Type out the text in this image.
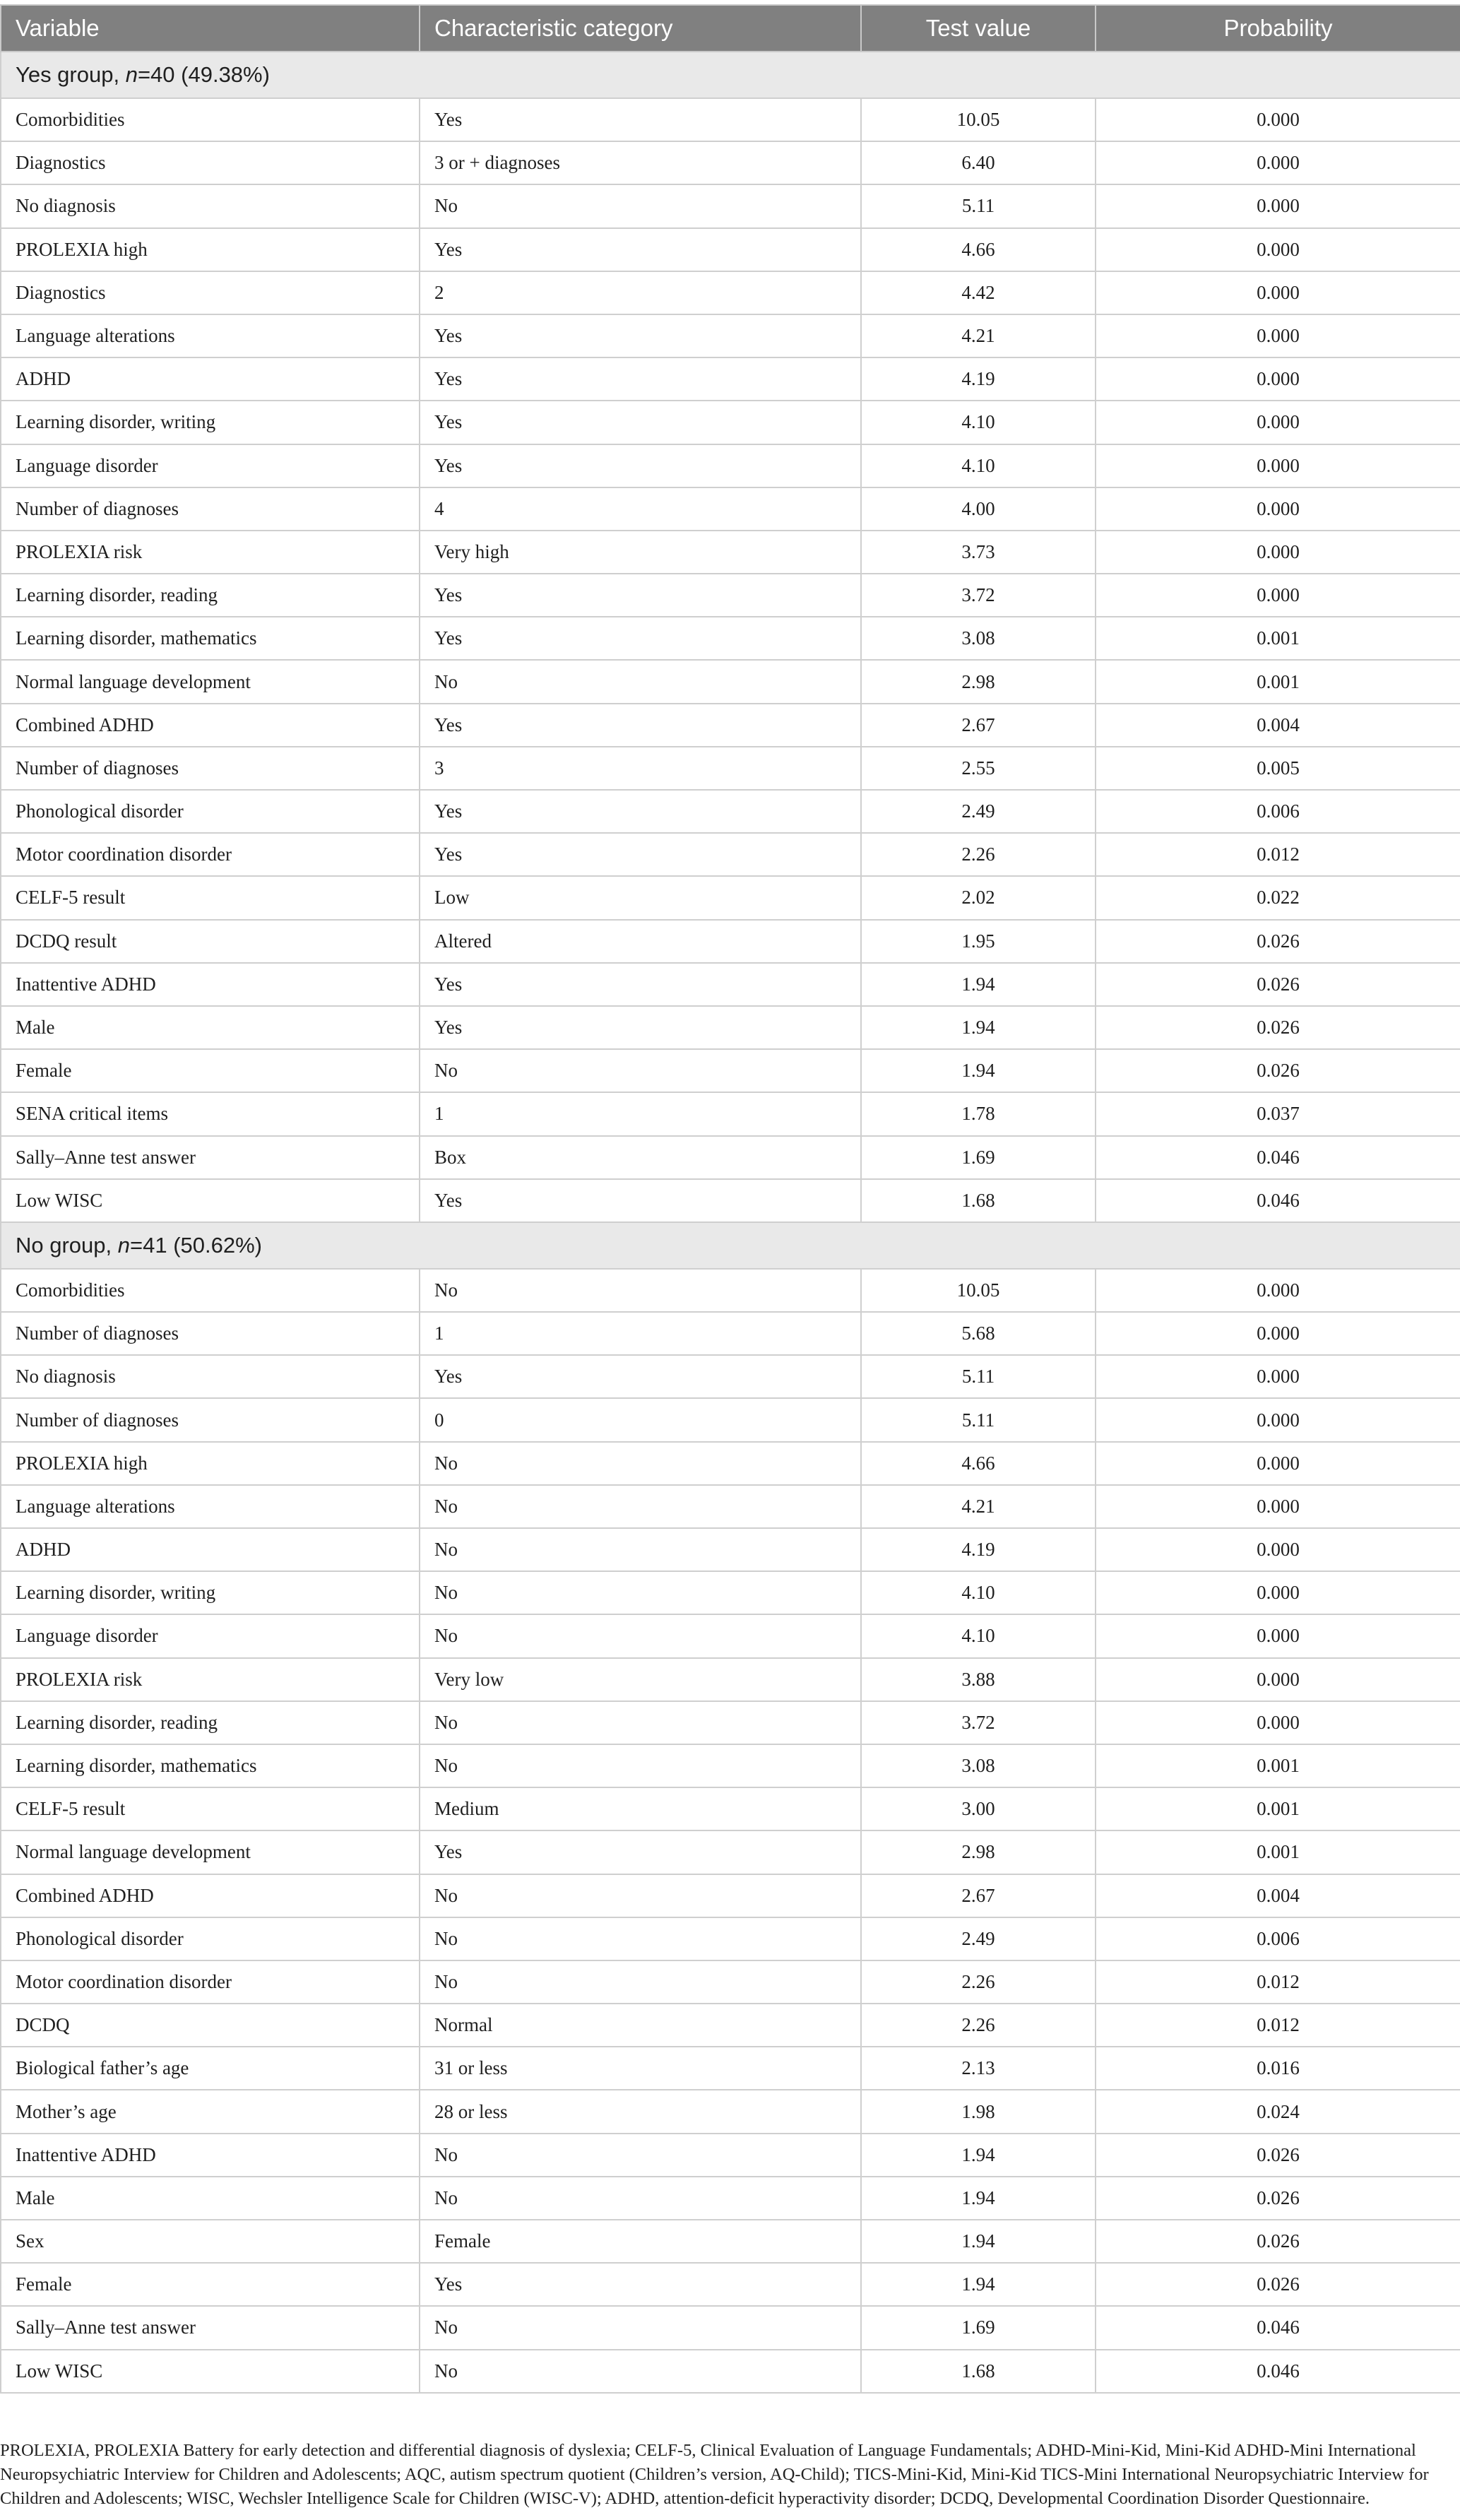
Variable	Characteristic category	Test value	Probability
Yes group, n=40 (49.38%)			
Comorbidities	Yes	10.05	0.000
Diagnostics	3 or + diagnoses	6.40	0.000
No diagnosis	No	5.11	0.000
PROLEXIA high	Yes	4.66	0.000
Diagnostics	2	4.42	0.000
Language alterations	Yes	4.21	0.000
ADHD	Yes	4.19	0.000
Learning disorder, writing	Yes	4.10	0.000
Language disorder	Yes	4.10	0.000
Number of diagnoses	4	4.00	0.000
PROLEXIA risk	Very high	3.73	0.000
Learning disorder, reading	Yes	3.72	0.000
Learning disorder, mathematics	Yes	3.08	0.001
Normal language development	No	2.98	0.001
Combined ADHD	Yes	2.67	0.004
Number of diagnoses	3	2.55	0.005
Phonological disorder	Yes	2.49	0.006
Motor coordination disorder	Yes	2.26	0.012
CELF-5 result	Low	2.02	0.022
DCDQ result	Altered	1.95	0.026
Inattentive ADHD	Yes	1.94	0.026
Male	Yes	1.94	0.026
Female	No	1.94	0.026
SENA critical items	1	1.78	0.037
Sally–Anne test answer	Box	1.69	0.046
Low WISC	Yes	1.68	0.046
No group, n=41 (50.62%)			
Comorbidities	No	10.05	0.000
Number of diagnoses	1	5.68	0.000
No diagnosis	Yes	5.11	0.000
Number of diagnoses	0	5.11	0.000
PROLEXIA high	No	4.66	0.000
Language alterations	No	4.21	0.000
ADHD	No	4.19	0.000
Learning disorder, writing	No	4.10	0.000
Language disorder	No	4.10	0.000
PROLEXIA risk	Very low	3.88	0.000
Learning disorder, reading	No	3.72	0.000
Learning disorder, mathematics	No	3.08	0.001
CELF-5 result	Medium	3.00	0.001
Normal language development	Yes	2.98	0.001
Combined ADHD	No	2.67	0.004
Phonological disorder	No	2.49	0.006
Motor coordination disorder	No	2.26	0.012
DCDQ	Normal	2.26	0.012
Biological father’s age	31 or less	2.13	0.016
Mother’s age	28 or less	1.98	0.024
Inattentive ADHD	No	1.94	0.026
Male	No	1.94	0.026
Sex	Female	1.94	0.026
Female	Yes	1.94	0.026
Sally–Anne test answer	No	1.69	0.046
Low WISC	No	1.68	0.046
PROLEXIA, PROLEXIA Battery for early detection and differential diagnosis of dyslexia; CELF-5, Clinical Evaluation of Language Fundamentals; ADHD-Mini-Kid, Mini-Kid ADHD-Mini International Neuropsychiatric Interview for Children and Adolescents; AQC, autism spectrum quotient (Children’s version, AQ-Child); TICS-Mini-Kid, Mini-Kid TICS-Mini International Neuropsychiatric Interview for Children and Adolescents; WISC, Wechsler Intelligence Scale for Children (WISC-V); ADHD, attention-deficit hyperactivity disorder; DCDQ, Developmental Coordination Disorder Questionnaire.
